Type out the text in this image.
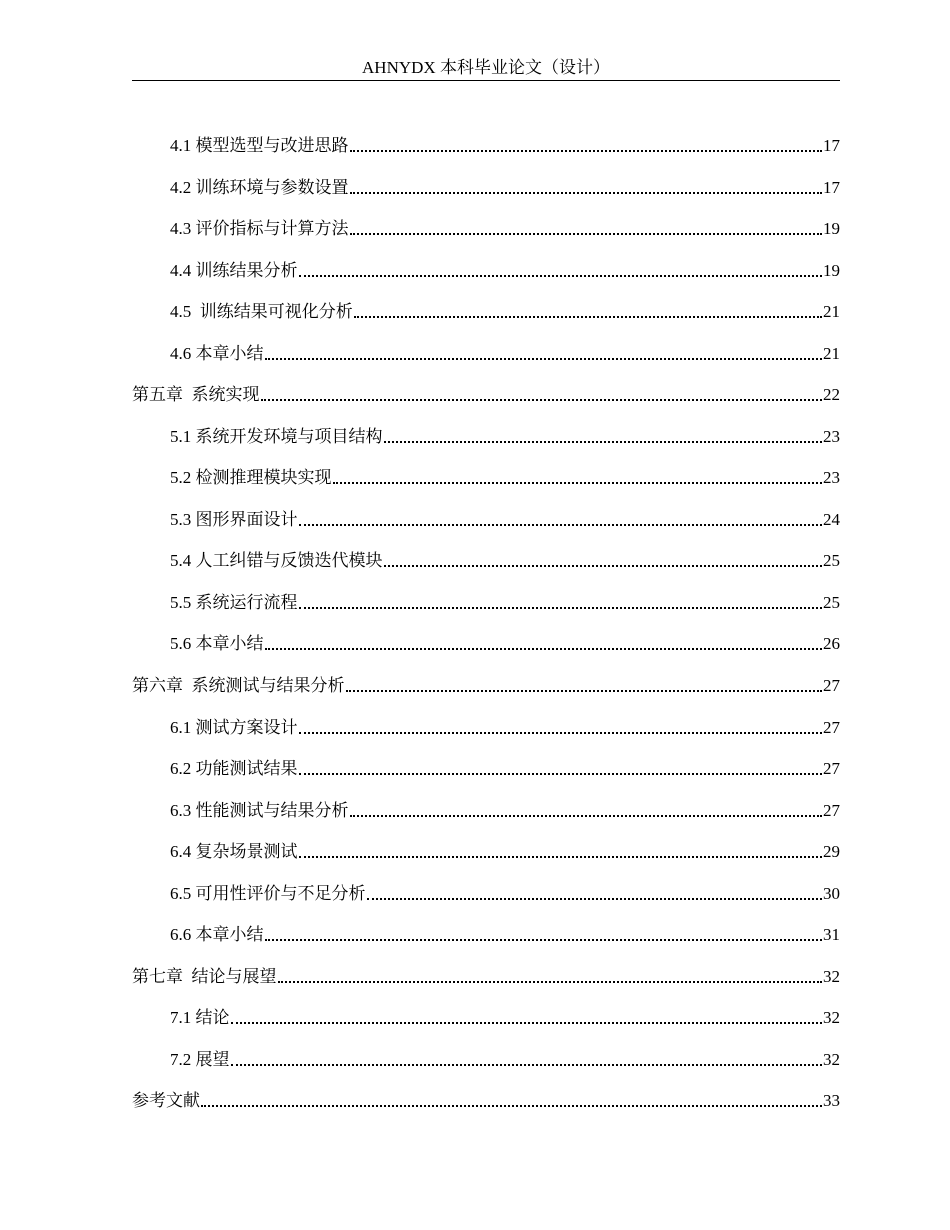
AHNYDX 本科毕业论文（设计）
4.1 模型选型与改进思路	17
4.2 训练环境与参数设置	17
4.3 评价指标与计算方法	19
4.4 训练结果分析	19
4.5  训练结果可视化分析	21
4.6 本章小结	21
第五章  系统实现	22
5.1 系统开发环境与项目结构	23
5.2 检测推理模块实现	23
5.3 图形界面设计	24
5.4 人工纠错与反馈迭代模块	25
5.5 系统运行流程	25
5.6 本章小结	26
第六章  系统测试与结果分析	27
6.1 测试方案设计	27
6.2 功能测试结果	27
6.3 性能测试与结果分析	27
6.4 复杂场景测试	29
6.5 可用性评价与不足分析	30
6.6 本章小结	31
第七章  结论与展望	32
7.1 结论	32
7.2 展望	32
参考文献	33
